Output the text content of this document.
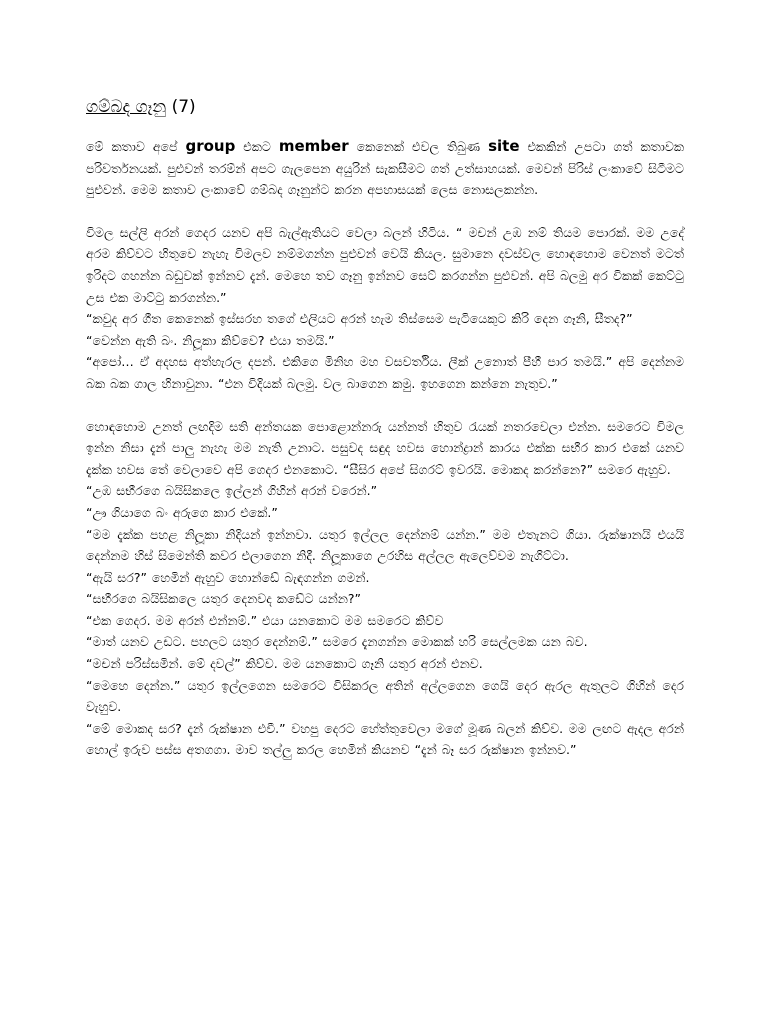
ගම්බද ගෑනු (7)

මේ කතාව අපේ group එකට member කෙනෙක් එවල තිබුණ site එකකින් උපටා ගත් කතාවක පරිවර්තනයක්. පුළුවන් තරම්න් අපට ගැලපෙන අයුරින් සැකසීමට ගත් උත්සාහයක්. මෙවන් පිරිස් ලංකාවේ සිටීමට පුළුවන්. මෙම කතාව ලංකාවේ ගම්බද ගෑනුන්ට කරන අපහාසයක් ලෙස නොසලකන්න.

විමල සල්ලි අරන් ගෙදර යනව අපි බැල්ඇතියට වෙලා බලන් හිටිය. “ මචන් උඹ නම් තියම පොරක්. මම උදේ අරම කිව්වට හිතුවෙ නැහැ විමලව නම්මගන්න පුළුවන් වෙයි කියල. සුමානෙ දවස්වල හොඳහොම වෙනත් මටත් ඉරිදට ගහන්න බඩුවක් ඉන්නව දැන්. මෙහෙ තව ගෑනු ඉන්නව සෙට් කරගන්න පුළුවන්. අපි බලමු අර විකක් කෙට්ටු උස එක මාට්ටු කරගන්න.”

“කවුද අර ගීත කෙනෙක් ඉස්සරහ තගේ එලියට අරන් හැම තිස්සෙම පැටියෙකුට කිරි දෙන ගෑනි, සීතද?”

“වෙන්න ඇති බං. නිලූකා කිව්වෙ? එයා තමයි.”

“අපෝ… ඒ අදහස අත්හැරල දපන්. එකිගෙ මිනිහ මහ වසවර්තිය. ලීක් උනොත් පීහී පාර තමයි.” අපි දෙන්නම බක බක ගාල හිනාවුනා. “එන විදියක් බලමු. වල බාගෙන කමු. ඉහගෙන කන්නෙ නැතුව.”

හොඳහොම උනත් ලඟදිම සති අන්තයක පොළොන්නරු යන්නත් හිතුව රැයක් නතරවෙලා එන්න. සමරෙට විමල ඉන්න නිසා දැන් පාලු නැහැ මම නැති උනාට. පසුවද සඳුද හවස හොන්ද්‍රාන් කාරය එක්ක සභීර කාර එකේ යනව දැක්ක හවස තේ වෙලාවෙ අපි ගෙදර එනකොට. “සීසිර අපේ සිගරට් ඉවරයි. මොකද කරන්නෙ?” සමරෙ ඇහුව.

“උඹ සභීරගෙ බයිසිකලෙ ඉල්ලන් ගිහින් අරන් වරෙන්.”

“ඌ ගියාගෙ බං අරුගෙ කාර එකේ.”

“මම දැක්ක පහළ නිලූකා නිදියන් ඉන්නවා. යතුර ඉල්ලල දෙන්නම් යන්න.” මම එතැනට ගියා. රුක්ෂානයි එයයි දෙන්නම හිස් සිමෙන්ති කවර එලාගෙන නිදී. නිලූකාගෙ උරහිස අල්ලල ඇලෙව්වම නැගිට්ටා.

“ඇයි සර?” හෙමින් ඇහුව හොන්ඩේ බැඳගන්න ගමන්.

“සභීරගෙ බයිසිකලෙ යතුර දෙනවද කඩේට යන්න?”

“එක ගෙදර. මම අරන් එන්නම්.” එයා යනකොට මම සමරෙට කිව්ව

“මාත් යනව උඩට. පහලට යතුර දෙන්නම්.” සමරෙ දැනගන්න මොකක් හරි සෙල්ලමක යන බව.

“මචන් පරිස්සමින්. මේ දවල්” කිව්ව. මම යනකොට ගෑනි යතුර අරන් එනව.

“මෙහෙ දෙන්න.” යතුර ඉල්ලගෙන සමරෙට විසිකරල අතින් අල්ලගෙන ගෙයි දෙර ඇරල ඇතුලට ගිහින් දෙර වැහුව.

“මේ මොකද සර? දැන් රුක්ෂාන එවී.” වහපු දෙරට හේත්තුවෙලා මගේ මූණ බලන් කිව්ව. මම ලඟට ඇදල අරන් හොල් ඉරුව පස්ස අතගගා. මාව තල්ලු කරල හෙමින් කියනව “දැන් බෑ සර රුක්ෂාන ඉන්නව.”
